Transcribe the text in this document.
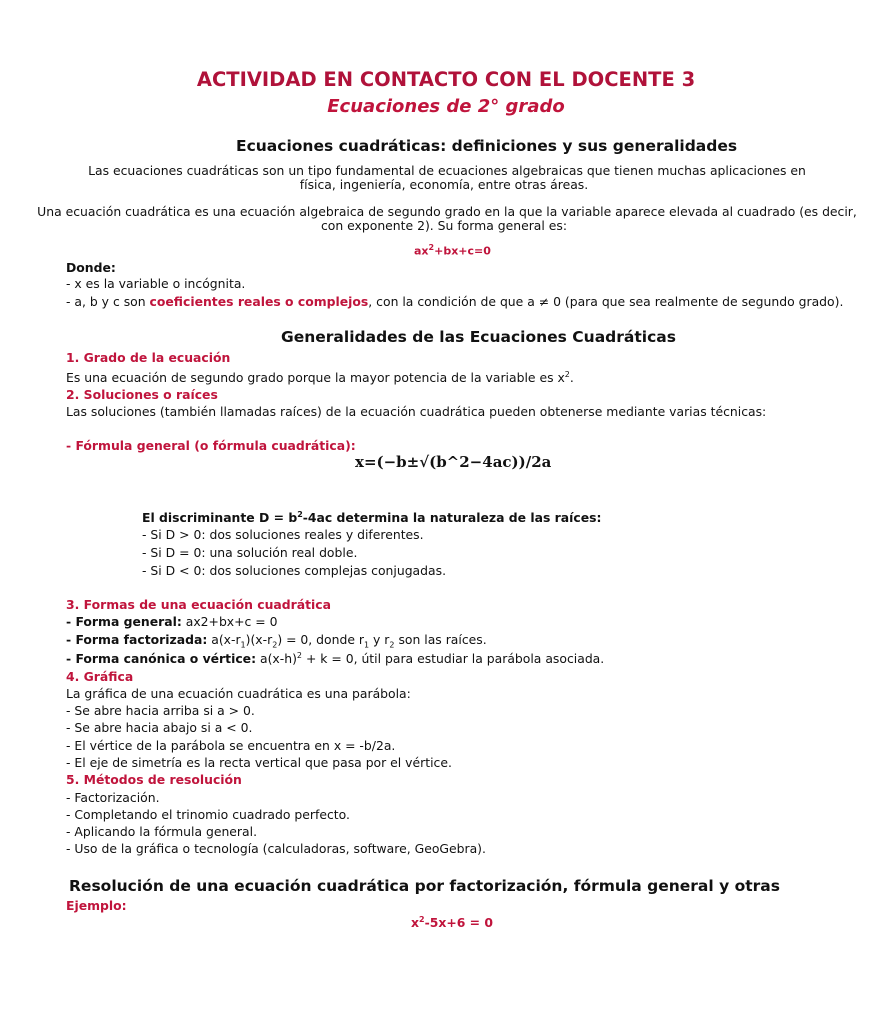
ACTIVIDAD EN CONTACTO CON EL DOCENTE 3
Ecuaciones de 2° grado
Ecuaciones cuadráticas: definiciones y sus generalidades
Las ecuaciones cuadráticas son un tipo fundamental de ecuaciones algebraicas que tienen muchas aplicaciones en
física, ingeniería, economía, entre otras áreas.
Una ecuación cuadrática es una ecuación algebraica de segundo grado en la que la variable aparece elevada al cuadrado (es decir,
con exponente 2). Su forma general es:
$ax^2+bx+c=0$
Donde:
- x es la variable o incógnita.
- a, b y c son coeficientes reales o complejos, con la condición de que a ≠ 0 (para que sea realmente de segundo grado).
Generalidades de las Ecuaciones Cuadráticas
1. Grado de la ecuación
Es una ecuación de segundo grado porque la mayor potencia de la variable es $x^2$.
2. Soluciones o raíces
Las soluciones (también llamadas raíces) de la ecuación cuadrática pueden obtenerse mediante varias técnicas:
- Fórmula general (o fórmula cuadrática):
x=(−b±√(b^2−4ac))/2a
El discriminante $D = b^2-4ac$ determina la naturaleza de las raíces:
- Si D > 0: dos soluciones reales y diferentes.
- Si D = 0: una solución real doble.
- Si D < 0: dos soluciones complejas conjugadas.
3. Formas de una ecuación cuadrática
- Forma general: ax2+bx+c = 0
- Forma factorizada: $a(x-r_1)(x-r_2) = 0$, donde $r_1$ y $r_2$ son las raíces.
- Forma canónica o vértice: $a(x-h)^2 + k = 0$, útil para estudiar la parábola asociada.
4. Gráfica
La gráfica de una ecuación cuadrática es una parábola:
- Se abre hacia arriba si a > 0.
- Se abre hacia abajo si a < 0.
- El vértice de la parábola se encuentra en x = -b/2a.
- El eje de simetría es la recta vertical que pasa por el vértice.
5. Métodos de resolución
- Factorización.
- Completando el trinomio cuadrado perfecto.
- Aplicando la fórmula general.
- Uso de la gráfica o tecnología (calculadoras, software, GeoGebra).
Resolución de una ecuación cuadrática por factorización, fórmula general y otras
Ejemplo:
$x^2-5x+6 = 0$
